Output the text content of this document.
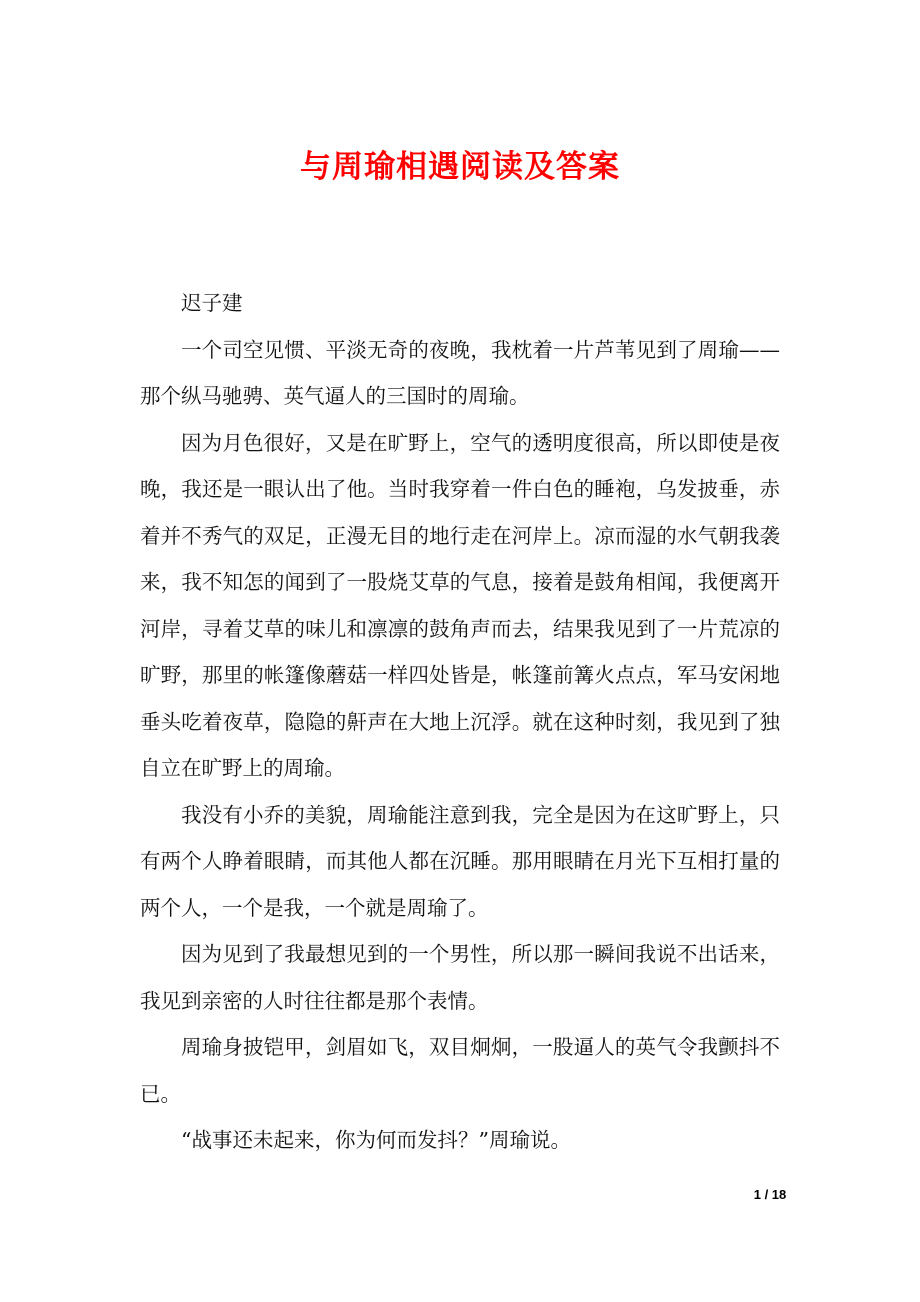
与周瑜相遇阅读及答案

迟子建

一个司空见惯、平淡无奇的夜晚，我枕着一片芦苇见到了周瑜——那个纵马驰骋、英气逼人的三国时的周瑜。

因为月色很好，又是在旷野上，空气的透明度很高，所以即使是夜晚，我还是一眼认出了他。当时我穿着一件白色的睡袍，乌发披垂，赤着并不秀气的双足，正漫无目的地行走在河岸上。凉而湿的水气朝我袭来，我不知怎的闻到了一股烧艾草的气息，接着是鼓角相闻，我便离开河岸，寻着艾草的味儿和凛凛的鼓角声而去，结果我见到了一片荒凉的旷野，那里的帐篷像蘑菇一样四处皆是，帐篷前篝火点点，军马安闲地垂头吃着夜草，隐隐的鼾声在大地上沉浮。就在这种时刻，我见到了独自立在旷野上的周瑜。

我没有小乔的美貌，周瑜能注意到我，完全是因为在这旷野上，只有两个人睁着眼睛，而其他人都在沉睡。那用眼睛在月光下互相打量的两个人，一个是我，一个就是周瑜了。

因为见到了我最想见到的一个男性，所以那一瞬间我说不出话来，我见到亲密的人时往往都是那个表情。

周瑜身披铠甲，剑眉如飞，双目炯炯，一股逼人的英气令我颤抖不已。

“战事还未起来，你为何而发抖？”周瑜说。

1 / 18
